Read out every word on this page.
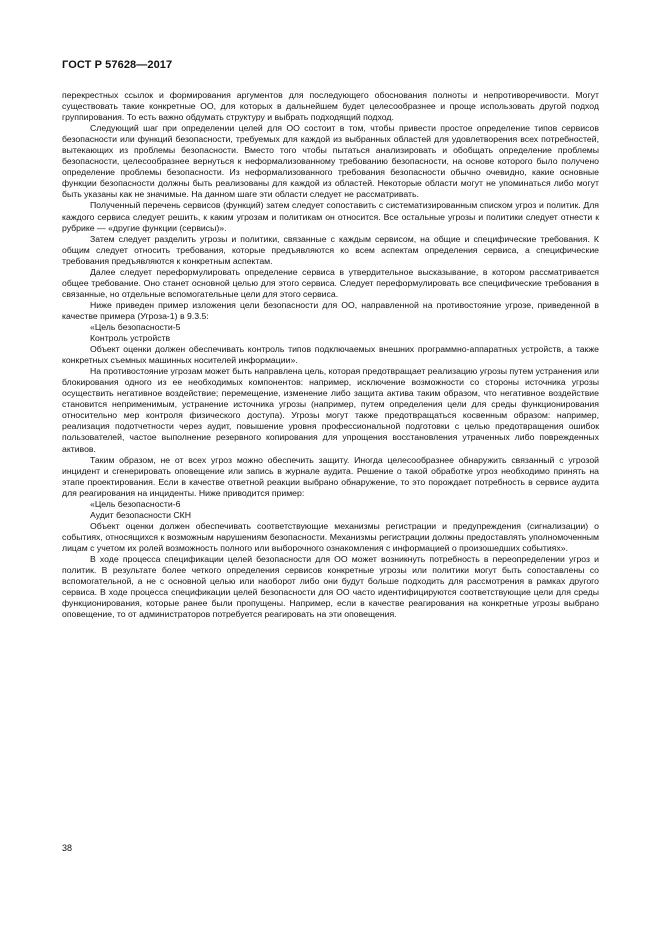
ГОСТ Р 57628—2017

перекрестных ссылок и формирования аргументов для последующего обоснования полноты и непротиворечивости. Могут существовать такие конкретные ОО, для которых в дальнейшем будет целесообразнее и проще использовать другой подход группирования. То есть важно обдумать структуру и выбрать подходящий подход.

Следующий шаг при определении целей для ОО состоит в том, чтобы привести простое определение типов сервисов безопасности или функций безопасности, требуемых для каждой из выбранных областей для удовлетворения всех потребностей, вытекающих из проблемы безопасности. Вместо того чтобы пытаться анализировать и обобщать определение проблемы безопасности, целесообразнее вернуться к неформализованному требованию безопасности, на основе которого было получено определение проблемы безопасности. Из неформализованного требования безопасности обычно очевидно, какие основные функции безопасности должны быть реализованы для каждой из областей. Некоторые области могут не упоминаться либо могут быть указаны как не значимые. На данном шаге эти области следует не рассматривать.

Полученный перечень сервисов (функций) затем следует сопоставить с систематизированным списком угроз и политик. Для каждого сервиса следует решить, к каким угрозам и политикам он относится. Все остальные угрозы и политики следует отнести к рубрике — «другие функции (сервисы)».

Затем следует разделить угрозы и политики, связанные с каждым сервисом, на общие и специфические требования. К общим следует относить требования, которые предъявляются ко всем аспектам определения сервиса, а специфические требования предъявляются к конкретным аспектам.

Далее следует переформулировать определение сервиса в утвердительное высказывание, в котором рассматривается общее требование. Оно станет основной целью для этого сервиса. Следует переформулировать все специфические требования в связанные, но отдельные вспомогательные цели для этого сервиса.

Ниже приведен пример изложения цели безопасности для ОО, направленной на противостояние угрозе, приведенной в качестве примера (Угроза-1) в 9.3.5:

«Цель безопасности-5

Контроль устройств

Объект оценки должен обеспечивать контроль типов подключаемых внешних программно-аппаратных устройств, а также конкретных съемных машинных носителей информации».

На противостояние угрозам может быть направлена цель, которая предотвращает реализацию угрозы путем устранения или блокирования одного из ее необходимых компонентов: например, исключение возможности со стороны источника угрозы осуществить негативное воздействие; перемещение, изменение либо защита актива таким образом, что негативное воздействие становится неприменимым, устранение источника угрозы (например, путем определения цели для среды функционирования относительно мер контроля физического доступа). Угрозы могут также предотвращаться косвенным образом: например, реализация подотчетности через аудит, повышение уровня профессиональной подготовки с целью предотвращения ошибок пользователей, частое выполнение резервного копирования для упрощения восстановления утраченных либо поврежденных активов.

Таким образом, не от всех угроз можно обеспечить защиту. Иногда целесообразнее обнаружить связанный с угрозой инцидент и сгенерировать оповещение или запись в журнале аудита. Решение о такой обработке угроз необходимо принять на этапе проектирования. Если в качестве ответной реакции выбрано обнаружение, то это порождает потребность в сервисе аудита для реагирования на инциденты. Ниже приводится пример:

«Цель безопасности-6

Аудит безопасности СКН

Объект оценки должен обеспечивать соответствующие механизмы регистрации и предупреждения (сигнализации) о событиях, относящихся к возможным нарушениям безопасности. Механизмы регистрации должны предоставлять уполномоченным лицам с учетом их ролей возможность полного или выборочного ознакомления с информацией о произошедших событиях».

В ходе процесса спецификации целей безопасности для ОО может возникнуть потребность в переопределении угроз и политик. В результате более четкого определения сервисов конкретные угрозы или политики могут быть сопоставлены со вспомогательной, а не с основной целью или наоборот либо они будут больше подходить для рассмотрения в рамках другого сервиса. В ходе процесса спецификации целей безопасности для ОО часто идентифицируются соответствующие цели для среды функционирования, которые ранее были пропущены. Например, если в качестве реагирования на конкретные угрозы выбрано оповещение, то от администраторов потребуется реагировать на эти оповещения.

38
